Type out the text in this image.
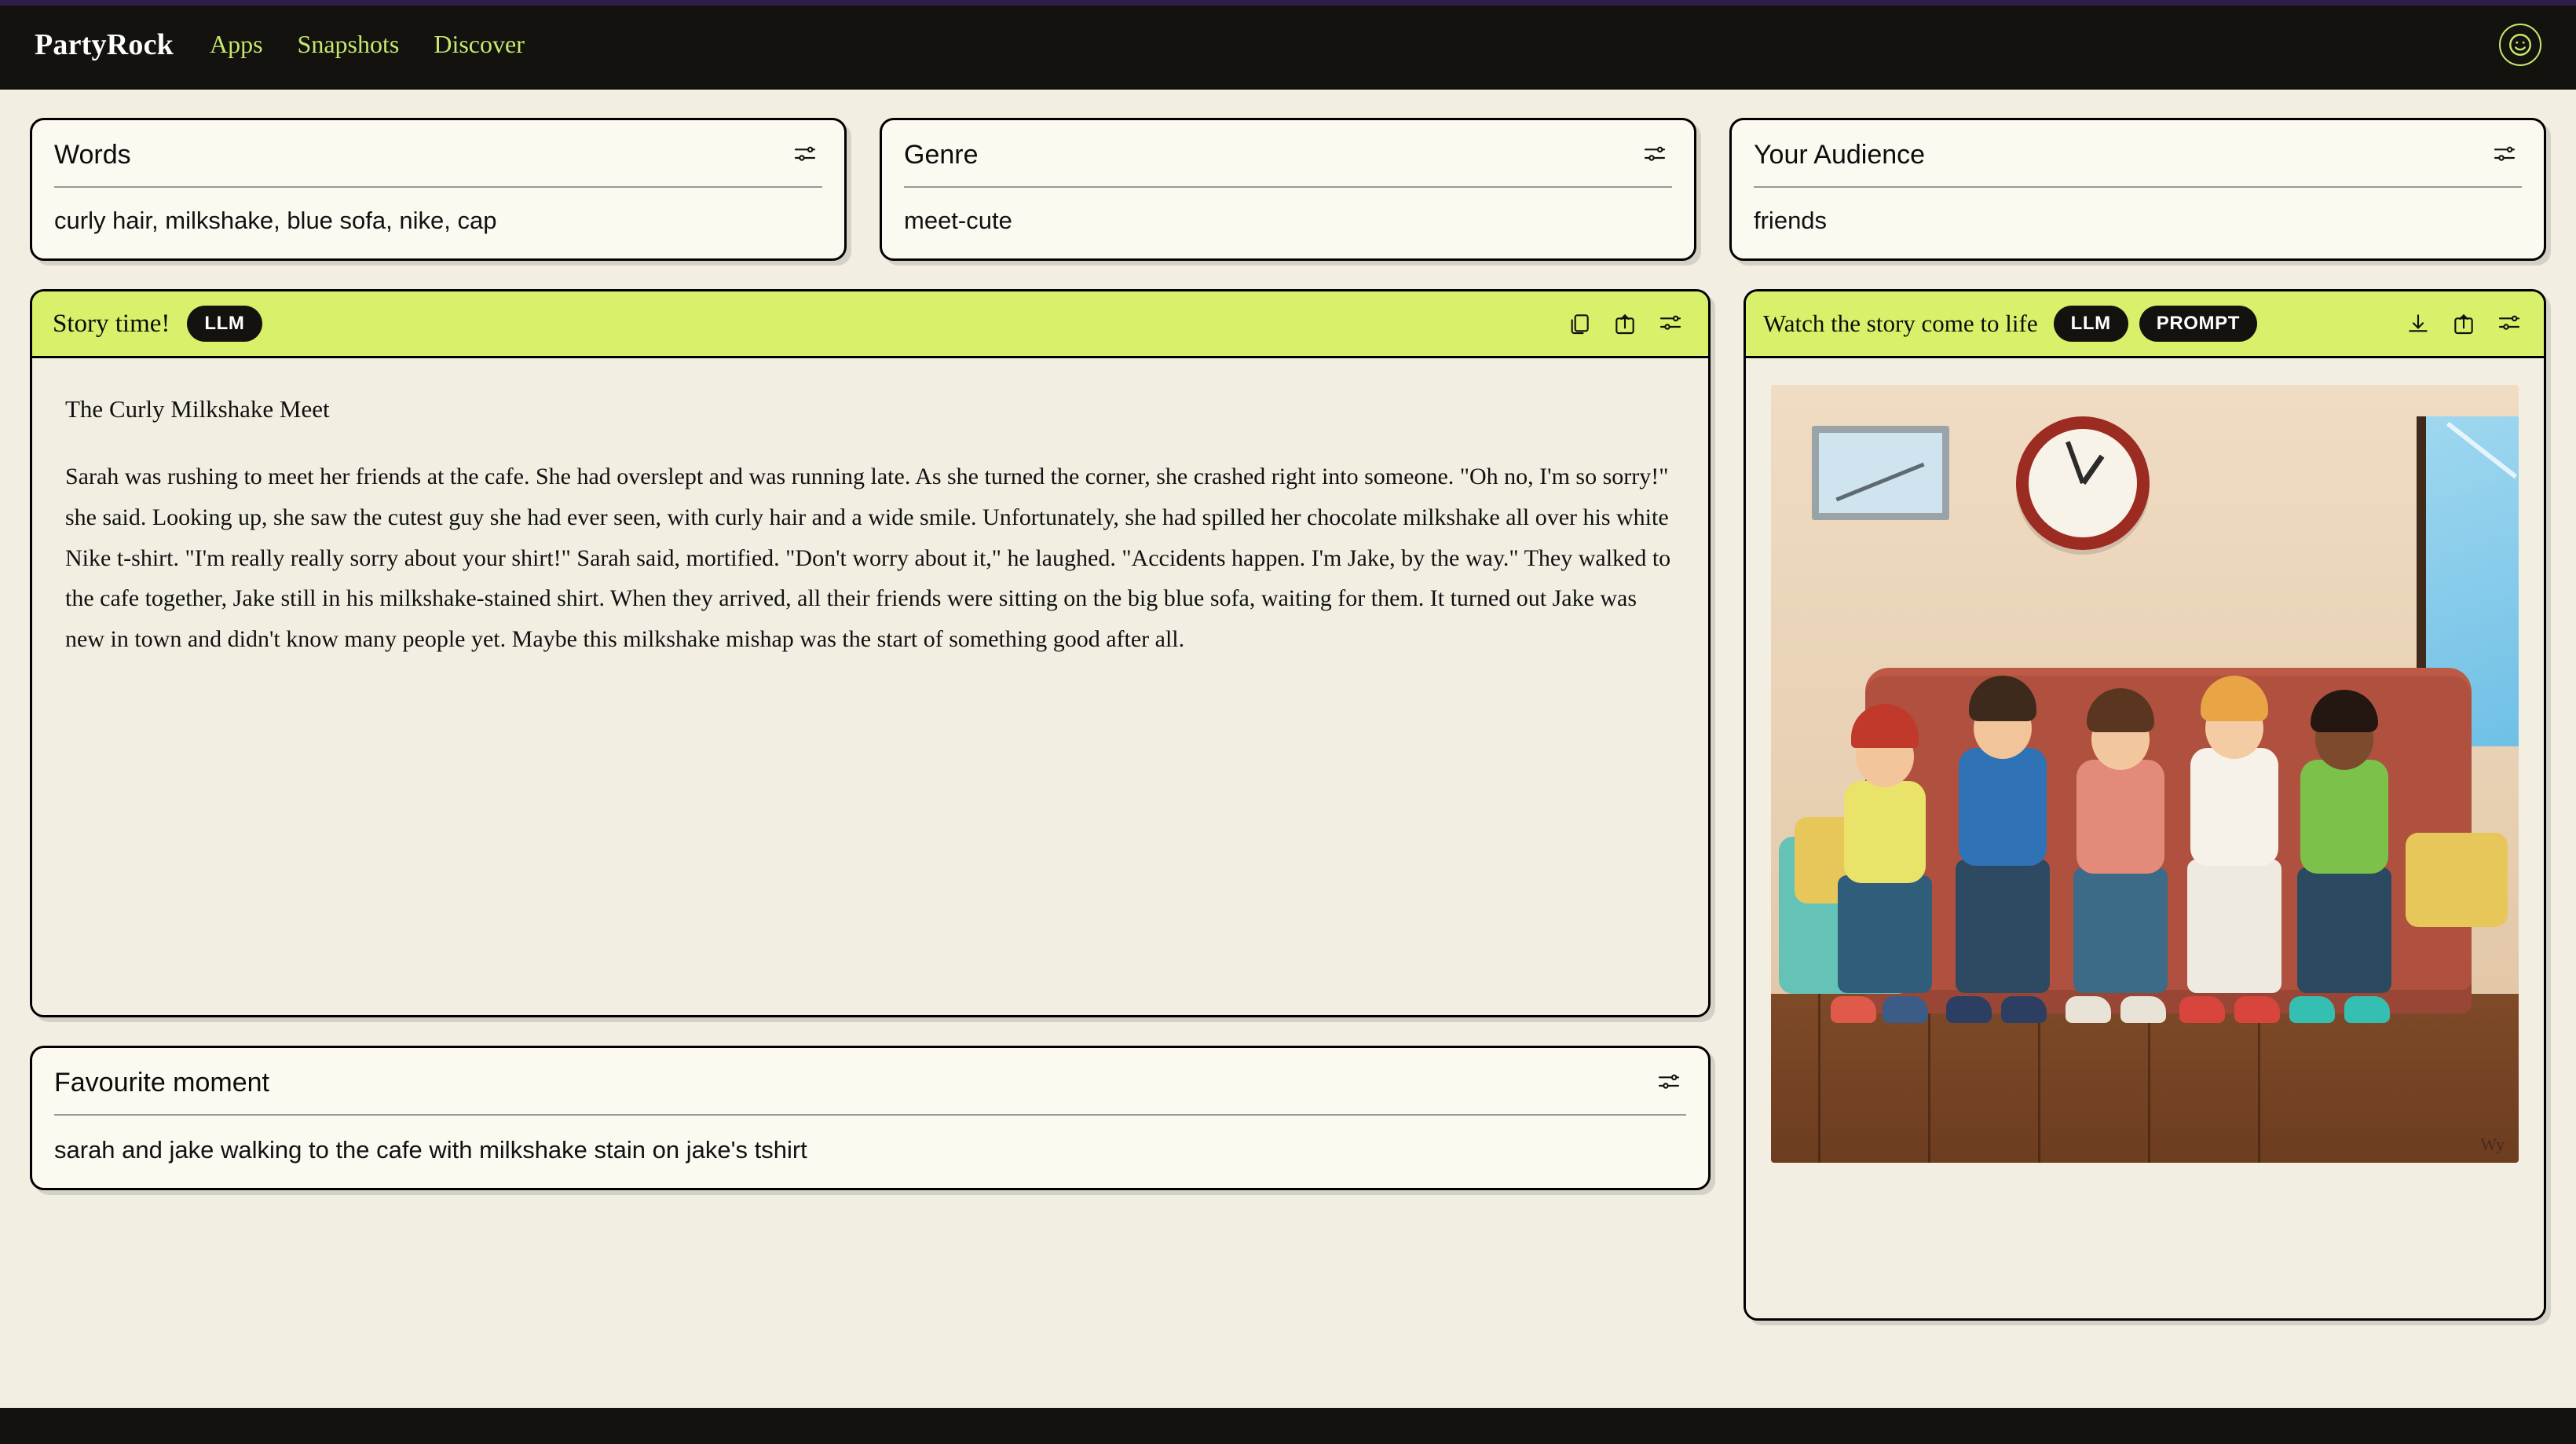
PartyRock Apps Snapshots Discover
Words
curly hair, milkshake, blue sofa, nike, cap
Genre
meet-cute
Your Audience
friends
Story time!	LLM

The Curly Milkshake Meet

Sarah was rushing to meet her friends at the cafe. She had overslept and was running late. As she turned the corner, she crashed right into someone. "Oh no, I'm so sorry!" she said. Looking up, she saw the cutest guy she had ever seen, with curly hair and a wide smile. Unfortunately, she had spilled her chocolate milkshake all over his white Nike t-shirt. "I'm really really sorry about your shirt!" Sarah said, mortified. "Don't worry about it," he laughed. "Accidents happen. I'm Jake, by the way." They walked to the cafe together, Jake still in his milkshake-stained shirt. When they arrived, all their friends were sitting on the big blue sofa, waiting for them. It turned out Jake was new in town and didn't know many people yet. Maybe this milkshake mishap was the start of something good after all.

Favourite moment
sarah and jake walking to the cafe with milkshake stain on jake's tshirt
Watch the story come to life	LLM	PROMPT
Wy
